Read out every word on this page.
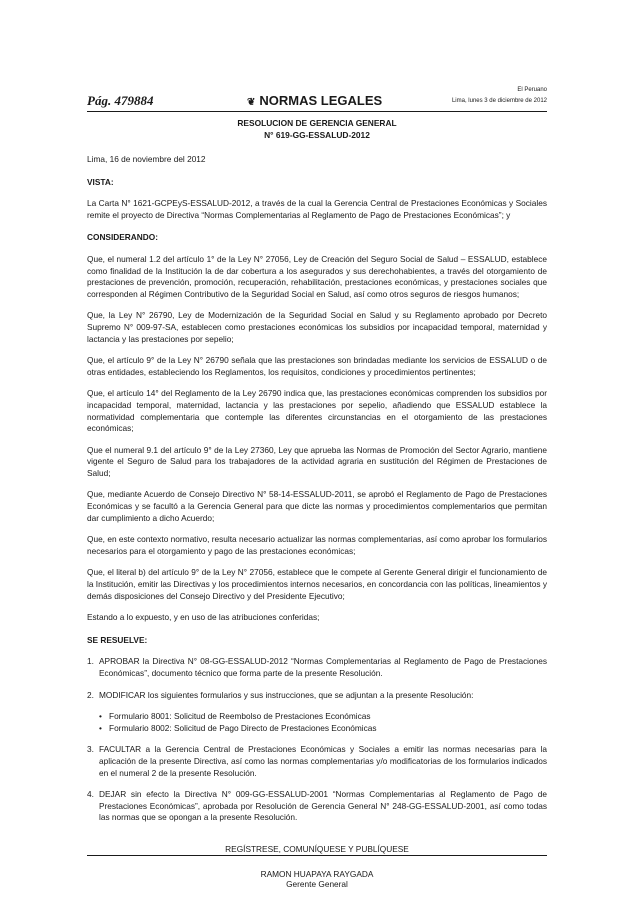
El Peruano
Lima, lunes 3 de diciembre de 2012
Pág. 479884	❦ NORMAS LEGALES
RESOLUCION DE GERENCIA GENERAL
N° 619-GG-ESSALUD-2012

Lima, 16 de noviembre del 2012

VISTA:

La Carta N° 1621-GCPEyS-ESSALUD-2012, a través de la cual la Gerencia Central de Prestaciones Económicas y Sociales remite el proyecto de Directiva “Normas Complementarias al Reglamento de Pago de Prestaciones Económicas”; y

CONSIDERANDO:

Que, el numeral 1.2 del artículo 1° de la Ley N° 27056, Ley de Creación del Seguro Social de Salud – ESSALUD, establece como finalidad de la Institución la de dar cobertura a los asegurados y sus derechohabientes, a través del otorgamiento de prestaciones de prevención, promoción, recuperación, rehabilitación, prestaciones económicas, y prestaciones sociales que corresponden al Régimen Contributivo de la Seguridad Social en Salud, así como otros seguros de riesgos humanos;

Que, la Ley N° 26790, Ley de Modernización de la Seguridad Social en Salud y su Reglamento aprobado por Decreto Supremo N° 009-97-SA, establecen como prestaciones económicas los subsidios por incapacidad temporal, maternidad y lactancia y las prestaciones por sepelio;

Que, el artículo 9° de la Ley N° 26790 señala que las prestaciones son brindadas mediante los servicios de ESSALUD o de otras entidades, estableciendo los Reglamentos, los requisitos, condiciones y procedimientos pertinentes;

Que, el artículo 14° del Reglamento de la Ley 26790 indica que, las prestaciones económicas comprenden los subsidios por incapacidad temporal, maternidad, lactancia y las prestaciones por sepelio, añadiendo que ESSALUD establece la normatividad complementaria que contemple las diferentes circunstancias en el otorgamiento de las prestaciones económicas;

Que el numeral 9.1 del artículo 9° de la Ley 27360, Ley que aprueba las Normas de Promoción del Sector Agrario, mantiene vigente el Seguro de Salud para los trabajadores de la actividad agraria en sustitución del Régimen de Prestaciones de Salud;

Que, mediante Acuerdo de Consejo Directivo N° 58-14-ESSALUD-2011, se aprobó el Reglamento de Pago de Prestaciones Económicas y se facultó a la Gerencia General para que dicte las normas y procedimientos complementarios que permitan dar cumplimiento a dicho Acuerdo;

Que, en este contexto normativo, resulta necesario actualizar las normas complementarias, así como aprobar los formularios necesarios para el otorgamiento y pago de las prestaciones económicas;

Que, el literal b) del artículo 9° de la Ley N° 27056, establece que le compete al Gerente General dirigir el funcionamiento de la Institución, emitir las Directivas y los procedimientos internos necesarios, en concordancia con las políticas, lineamientos y demás disposiciones del Consejo Directivo y del Presidente Ejecutivo;

Estando a lo expuesto, y en uso de las atribuciones conferidas;

SE RESUELVE:

1. APROBAR la Directiva N° 08-GG-ESSALUD-2012 “Normas Complementarias al Reglamento de Pago de Prestaciones Económicas”, documento técnico que forma parte de la presente Resolución.
2. MODIFICAR los siguientes formularios y sus instrucciones, que se adjuntan a la presente Resolución:
• Formulario 8001: Solicitud de Reembolso de Prestaciones Económicas
• Formulario 8002: Solicitud de Pago Directo de Prestaciones Económicas
3. FACULTAR a la Gerencia Central de Prestaciones Económicas y Sociales a emitir las normas necesarias para la aplicación de la presente Directiva, así como las normas complementarias y/o modificatorias de los formularios indicados en el numeral 2 de la presente Resolución.
4. DEJAR sin efecto la Directiva N° 009-GG-ESSALUD-2001 “Normas Complementarias al Reglamento de Pago de Prestaciones Económicas”, aprobada por Resolución de Gerencia General N° 248-GG-ESSALUD-2001, así como todas las normas que se opongan a la presente Resolución.
REGÍSTRESE, COMUNÍQUESE Y PUBLÍQUESE
RAMON HUAPAYA RAYGADA
Gerente General
